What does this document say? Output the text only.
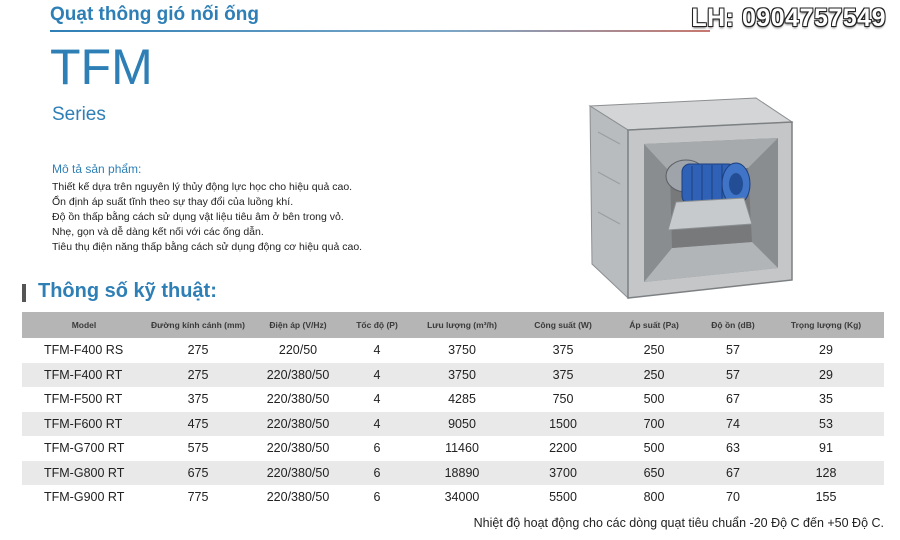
Quạt thông gió nối ống	LH: 0904757549
TFM
Series
Mô tả sản phẩm:
Thiết kế dựa trên nguyên lý thủy động lực học cho hiệu quả cao.
Ổn định áp suất tĩnh theo sự thay đổi của luồng khí.
Độ ồn thấp bằng cách sử dụng vật liệu tiêu âm ở bên trong vỏ.
Nhẹ, gọn và dễ dàng kết nối với các ống dẫn.
Tiêu thụ điện năng thấp bằng cách sử dụng động cơ hiệu quả cao.
Thông số kỹ thuật:
Model	Đường kính cánh (mm)	Điện áp (V/Hz)	Tốc độ (P)	Lưu lượng (m³/h)	Công suất (W)	Áp suất (Pa)	Độ ồn (dB)	Trọng lượng (Kg)
TFM-F400 RS	275	220/50	4	3750	375	250	57	29
TFM-F400 RT	275	220/380/50	4	3750	375	250	57	29
TFM-F500 RT	375	220/380/50	4	4285	750	500	67	35
TFM-F600 RT	475	220/380/50	4	9050	1500	700	74	53
TFM-G700 RT	575	220/380/50	6	11460	2200	500	63	91
TFM-G800 RT	675	220/380/50	6	18890	3700	650	67	128
TFM-G900 RT	775	220/380/50	6	34000	5500	800	70	155
Nhiệt độ hoạt động cho các dòng quạt tiêu chuẩn -20 Độ C đến +50 Độ C.
